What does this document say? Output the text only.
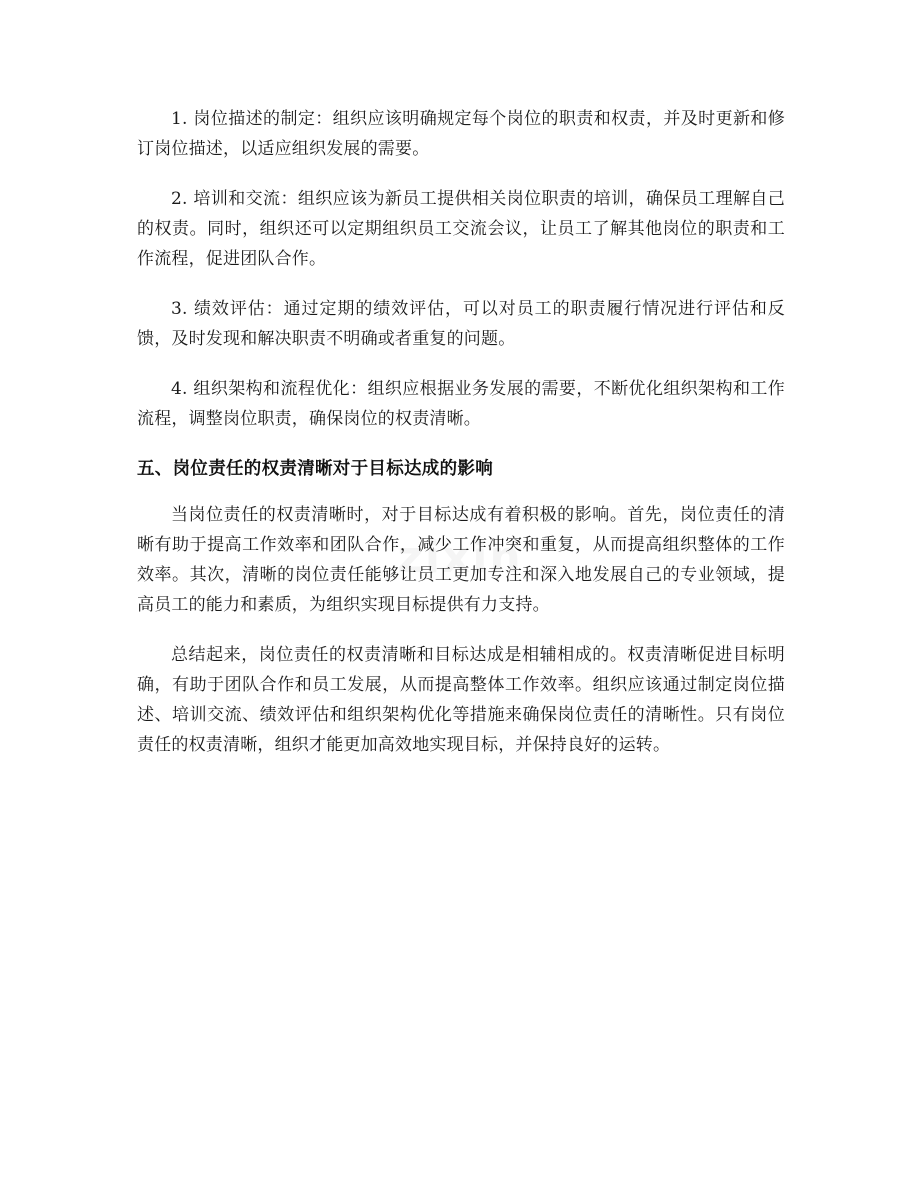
1. 岗位描述的制定：组织应该明确规定每个岗位的职责和权责，并及时更新和修订岗位描述，以适应组织发展的需要。

2. 培训和交流：组织应该为新员工提供相关岗位职责的培训，确保员工理解自己的权责。同时，组织还可以定期组织员工交流会议，让员工了解其他岗位的职责和工作流程，促进团队合作。

3. 绩效评估：通过定期的绩效评估，可以对员工的职责履行情况进行评估和反馈，及时发现和解决职责不明确或者重复的问题。

4. 组织架构和流程优化：组织应根据业务发展的需要，不断优化组织架构和工作流程，调整岗位职责，确保岗位的权责清晰。

五、岗位责任的权责清晰对于目标达成的影响

当岗位责任的权责清晰时，对于目标达成有着积极的影响。首先，岗位责任的清晰有助于提高工作效率和团队合作，减少工作冲突和重复，从而提高组织整体的工作效率。其次，清晰的岗位责任能够让员工更加专注和深入地发展自己的专业领域，提高员工的能力和素质，为组织实现目标提供有力支持。

总结起来，岗位责任的权责清晰和目标达成是相辅相成的。权责清晰促进目标明确，有助于团队合作和员工发展，从而提高整体工作效率。组织应该通过制定岗位描述、培训交流、绩效评估和组织架构优化等措施来确保岗位责任的清晰性。只有岗位责任的权责清晰，组织才能更加高效地实现目标，并保持良好的运转。
